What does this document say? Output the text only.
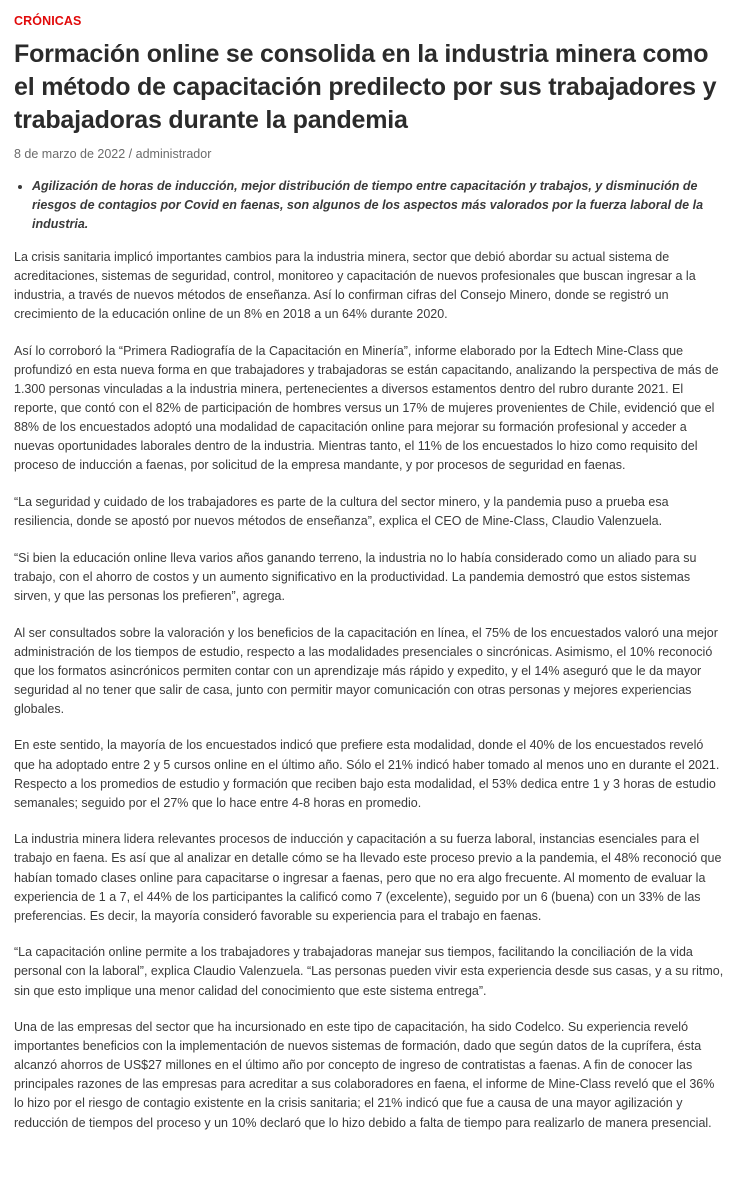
CRÓNICAS
Formación online se consolida en la industria minera como el método de capacitación predilecto por sus trabajadores y trabajadoras durante la pandemia
8 de marzo de 2022 / administrador
• Agilización de horas de inducción, mejor distribución de tiempo entre capacitación y trabajos, y disminución de riesgos de contagios por Covid en faenas, son algunos de los aspectos más valorados por la fuerza laboral de la industria.

La crisis sanitaria implicó importantes cambios para la industria minera, sector que debió abordar su actual sistema de acreditaciones, sistemas de seguridad, control, monitoreo y capacitación de nuevos profesionales que buscan ingresar a la industria, a través de nuevos métodos de enseñanza. Así lo confirman cifras del Consejo Minero, donde se registró un crecimiento de la educación online de un 8% en 2018 a un 64% durante 2020.

Así lo corroboró la “Primera Radiografía de la Capacitación en Minería”, informe elaborado por la Edtech Mine-Class que profundizó en esta nueva forma en que trabajadores y trabajadoras se están capacitando, analizando la perspectiva de más de 1.300 personas vinculadas a la industria minera, pertenecientes a diversos estamentos dentro del rubro durante 2021. El reporte, que contó con el 82% de participación de hombres versus un 17% de mujeres provenientes de Chile, evidenció que el 88% de los encuestados adoptó una modalidad de capacitación online para mejorar su formación profesional y acceder a nuevas oportunidades laborales dentro de la industria. Mientras tanto, el 11% de los encuestados lo hizo como requisito del proceso de inducción a faenas, por solicitud de la empresa mandante, y por procesos de seguridad en faenas.

“La seguridad y cuidado de los trabajadores es parte de la cultura del sector minero, y la pandemia puso a prueba esa resiliencia, donde se apostó por nuevos métodos de enseñanza”, explica el CEO de Mine-Class, Claudio Valenzuela.

“Si bien la educación online lleva varios años ganando terreno, la industria no lo había considerado como un aliado para su trabajo, con el ahorro de costos y un aumento significativo en la productividad. La pandemia demostró que estos sistemas sirven, y que las personas los prefieren”, agrega.

Al ser consultados sobre la valoración y los beneficios de la capacitación en línea, el 75% de los encuestados valoró una mejor administración de los tiempos de estudio, respecto a las modalidades presenciales o sincrónicas. Asimismo, el 10% reconoció que los formatos asincrónicos permiten contar con un aprendizaje más rápido y expedito, y el 14% aseguró que le da mayor seguridad al no tener que salir de casa, junto con permitir mayor comunicación con otras personas y mejores experiencias globales.

En este sentido, la mayoría de los encuestados indicó que prefiere esta modalidad, donde el 40% de los encuestados reveló que ha adoptado entre 2 y 5 cursos online en el último año. Sólo el 21% indicó haber tomado al menos uno en durante el 2021. Respecto a los promedios de estudio y formación que reciben bajo esta modalidad, el 53% dedica entre 1 y 3 horas de estudio semanales; seguido por el 27% que lo hace entre 4-8 horas en promedio.

La industria minera lidera relevantes procesos de inducción y capacitación a su fuerza laboral, instancias esenciales para el trabajo en faena. Es así que al analizar en detalle cómo se ha llevado este proceso previo a la pandemia, el 48% reconoció que habían tomado clases online para capacitarse o ingresar a faenas, pero que no era algo frecuente. Al momento de evaluar la experiencia de 1 a 7, el 44% de los participantes la calificó como 7 (excelente), seguido por un 6 (buena) con un 33% de las preferencias. Es decir, la mayoría consideró favorable su experiencia para el trabajo en faenas.

“La capacitación online permite a los trabajadores y trabajadoras manejar sus tiempos, facilitando la conciliación de la vida personal con la laboral”, explica Claudio Valenzuela. “Las personas pueden vivir esta experiencia desde sus casas, y a su ritmo, sin que esto implique una menor calidad del conocimiento que este sistema entrega”.

Una de las empresas del sector que ha incursionado en este tipo de capacitación, ha sido Codelco. Su experiencia reveló importantes beneficios con la implementación de nuevos sistemas de formación, dado que según datos de la cuprífera, ésta alcanzó ahorros de US$27 millones en el último año por concepto de ingreso de contratistas a faenas. A fin de conocer las principales razones de las empresas para acreditar a sus colaboradores en faena, el informe de Mine-Class reveló que el 36% lo hizo por el riesgo de contagio existente en la crisis sanitaria; el 21% indicó que fue a causa de una mayor agilización y reducción de tiempos del proceso y un 10% declaró que lo hizo debido a falta de tiempo para realizarlo de manera presencial.
